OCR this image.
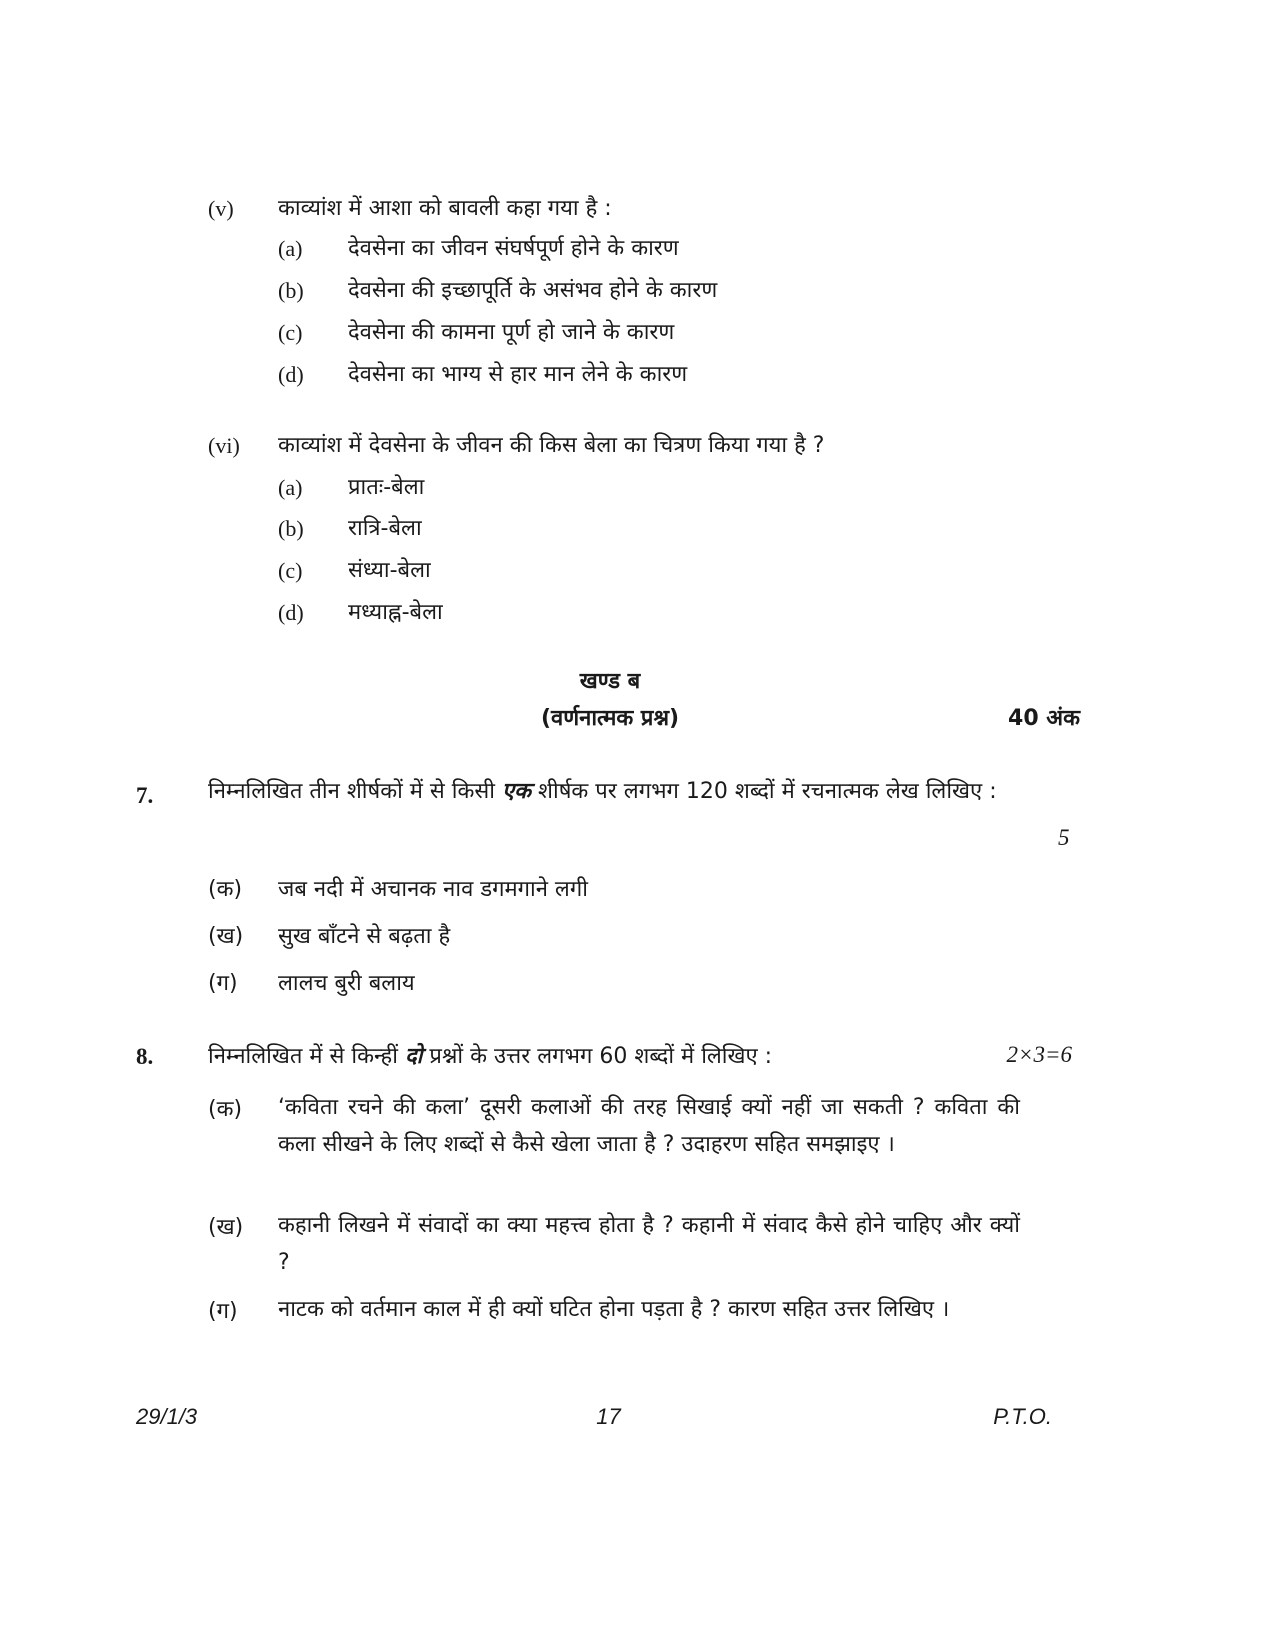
(v) काव्यांश में आशा को बावली कहा गया है :
(a) देवसेना का जीवन संघर्षपूर्ण होने के कारण
(b) देवसेना की इच्छापूर्ति के असंभव होने के कारण
(c) देवसेना की कामना पूर्ण हो जाने के कारण
(d) देवसेना का भाग्य से हार मान लेने के कारण
(vi) काव्यांश में देवसेना के जीवन की किस बेला का चित्रण किया गया है ?
(a) प्रातः-बेला
(b) रात्रि-बेला
(c) संध्या-बेला
(d) मध्याह्न-बेला
खण्ड ब
(वर्णनात्मक प्रश्न)	40 अंक
7. निम्नलिखित तीन शीर्षकों में से किसी एक शीर्षक पर लगभग 120 शब्दों में रचनात्मक लेख लिखिए :
5
(क) जब नदी में अचानक नाव डगमगाने लगी
(ख) सुख बाँटने से बढ़ता है
(ग) लालच बुरी बलाय
8. निम्नलिखित में से किन्हीं दो प्रश्नों के उत्तर लगभग 60 शब्दों में लिखिए :	2×3=6
(क) ‘कविता रचने की कला’ दूसरी कलाओं की तरह सिखाई क्यों नहीं जा सकती ? कविता की कला सीखने के लिए शब्दों से कैसे खेला जाता है ? उदाहरण सहित समझाइए ।
(ख) कहानी लिखने में संवादों का क्या महत्त्व होता है ? कहानी में संवाद कैसे होने चाहिए और क्यों ?
(ग) नाटक को वर्तमान काल में ही क्यों घटित होना पड़ता है ? कारण सहित उत्तर लिखिए ।
29/1/3	17	P.T.O.
